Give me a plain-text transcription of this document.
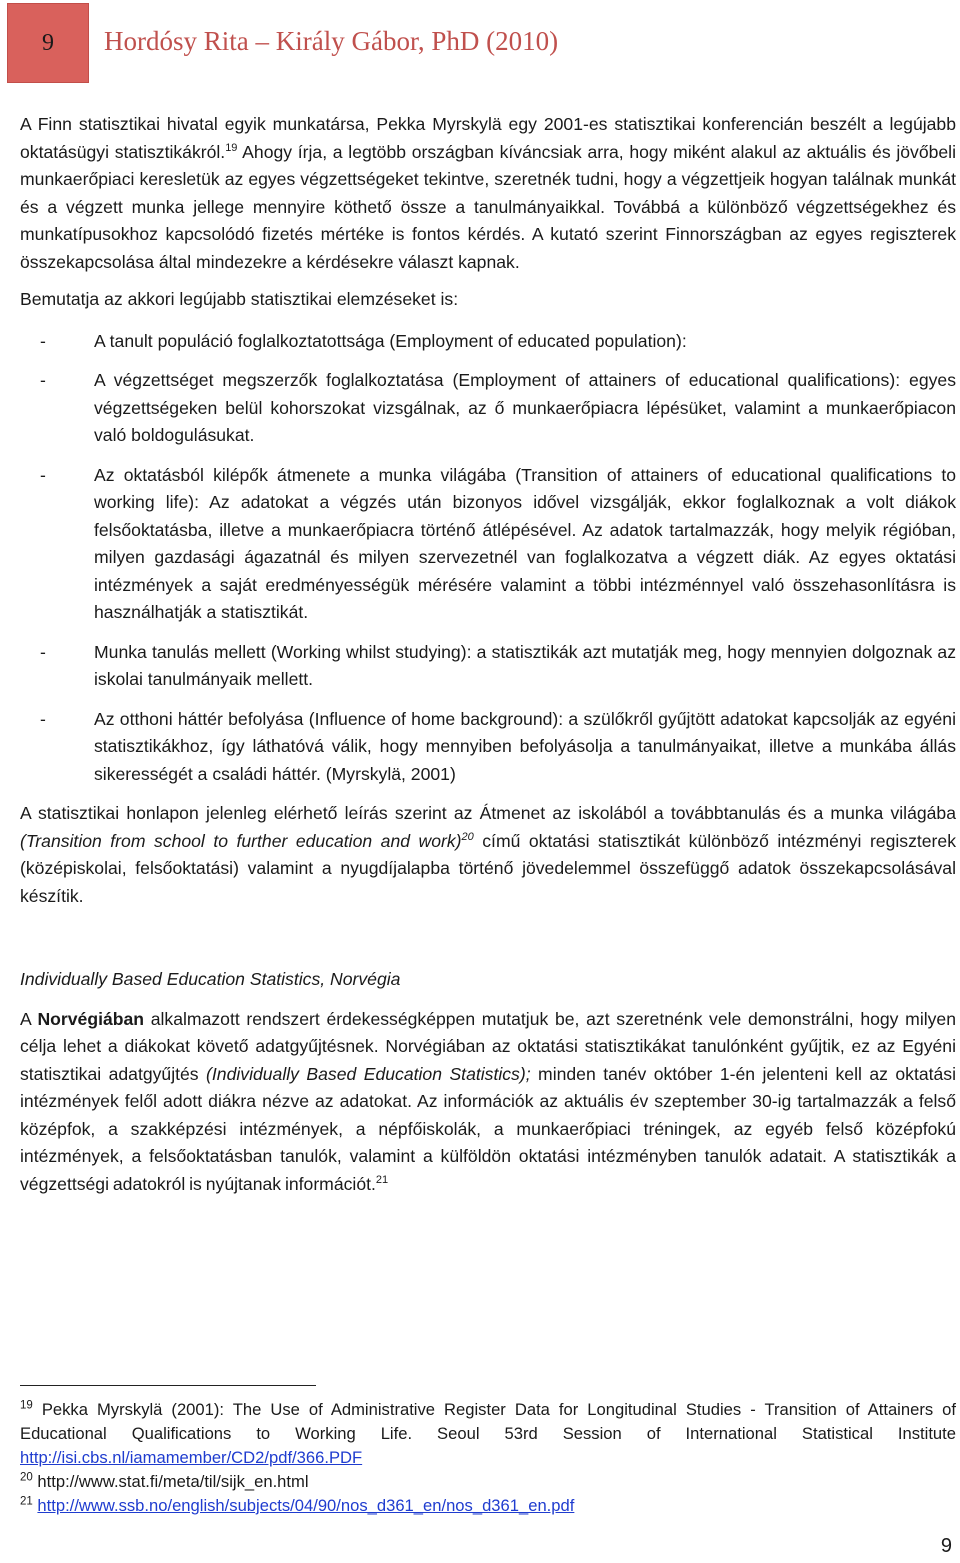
9 Hordósy Rita – Király Gábor, PhD (2010)

A Finn statisztikai hivatal egyik munkatársa, Pekka Myrskylä egy 2001-es statisztikai konferencián beszélt a legújabb oktatásügyi statisztikákról.$^{19}$ Ahogy írja, a legtöbb országban kíváncsiak arra, hogy miként alakul az aktuális és jövőbeli munkaerőpiaci keresletük az egyes végzettségeket tekintve, szeretnék tudni, hogy a végzettjeik hogyan találnak munkát és a végzett munka jellege mennyire köthető össze a tanulmányaikkal. Továbbá a különböző végzettségekhez és munkatípusokhoz kapcsolódó fizetés mértéke is fontos kérdés. A kutató szerint Finnországban az egyes regiszterek összekapcsolása által mindezekre a kérdésekre választ kapnak.

Bemutatja az akkori legújabb statisztikai elemzéseket is:

-	A tanult populáció foglalkoztatottsága (Employment of educated population):
-	A végzettséget megszerzők foglalkoztatása (Employment of attainers of educational qualifications): egyes végzettségeken belül kohorszokat vizsgálnak, az ő munkaerőpiacra lépésüket, valamint a munkaerőpiacon való boldogulásukat.
-	Az oktatásból kilépők átmenete a munka világába (Transition of attainers of educational qualifications to working life): Az adatokat a végzés után bizonyos idővel vizsgálják, ekkor foglalkoznak a volt diákok felsőoktatásba, illetve a munkaerőpiacra történő átlépésével. Az adatok tartalmazzák, hogy melyik régióban, milyen gazdasági ágazatnál és milyen szervezetnél van foglalkozatva a végzett diák. Az egyes oktatási intézmények a saját eredményességük mérésére valamint a többi intézménnyel való összehasonlításra is használhatják a statisztikát.
-	Munka tanulás mellett (Working whilst studying): a statisztikák azt mutatják meg, hogy mennyien dolgoznak az iskolai tanulmányaik mellett.
-	Az otthoni háttér befolyása (Influence of home background): a szülőkről gyűjtött adatokat kapcsolják az egyéni statisztikákhoz, így láthatóvá válik, hogy mennyiben befolyásolja a tanulmányaikat, illetve a munkába állás sikerességét a családi háttér. (Myrskylä, 2001)

A statisztikai honlapon jelenleg elérhető leírás szerint az Átmenet az iskolából a továbbtanulás és a munka világába (Transition from school to further education and work)$^{20}$ című oktatási statisztikát különböző intézményi regiszterek (középiskolai, felsőoktatási) valamint a nyugdíjalapba történő jövedelemmel összefüggő adatok összekapcsolásával készítik.

Individually Based Education Statistics, Norvégia

A Norvégiában alkalmazott rendszert érdekességképpen mutatjuk be, azt szeretnénk vele demonstrálni, hogy milyen célja lehet a diákokat követő adatgyűjtésnek. Norvégiában az oktatási statisztikákat tanulónként gyűjtik, ez az Egyéni statisztikai adatgyűjtés (Individually Based Education Statistics); minden tanév október 1-én jelenteni kell az oktatási intézmények felől adott diákra nézve az adatokat. Az információk az aktuális év szeptember 30-ig tartalmazzák a felső középfok, a szakképzési intézmények, a népfőiskolák, a munkaerőpiaci tréningek, az egyéb felső középfokú intézmények, a felsőoktatásban tanulók, valamint a külföldön oktatási intézményben tanulók adatait. A statisztikák a végzettségi adatokról is nyújtanak információt.$^{21}$

$^{19}$ Pekka Myrskylä (2001): The Use of Administrative Register Data for Longitudinal Studies - Transition of Attainers of Educational Qualifications to Working Life. Seoul 53rd Session of International Statistical Institute http://isi.cbs.nl/iamamember/CD2/pdf/366.PDF

$^{20}$ http://www.stat.fi/meta/til/sijk_en.html

$^{21}$ http://www.ssb.no/english/subjects/04/90/nos_d361_en/nos_d361_en.pdf

9
